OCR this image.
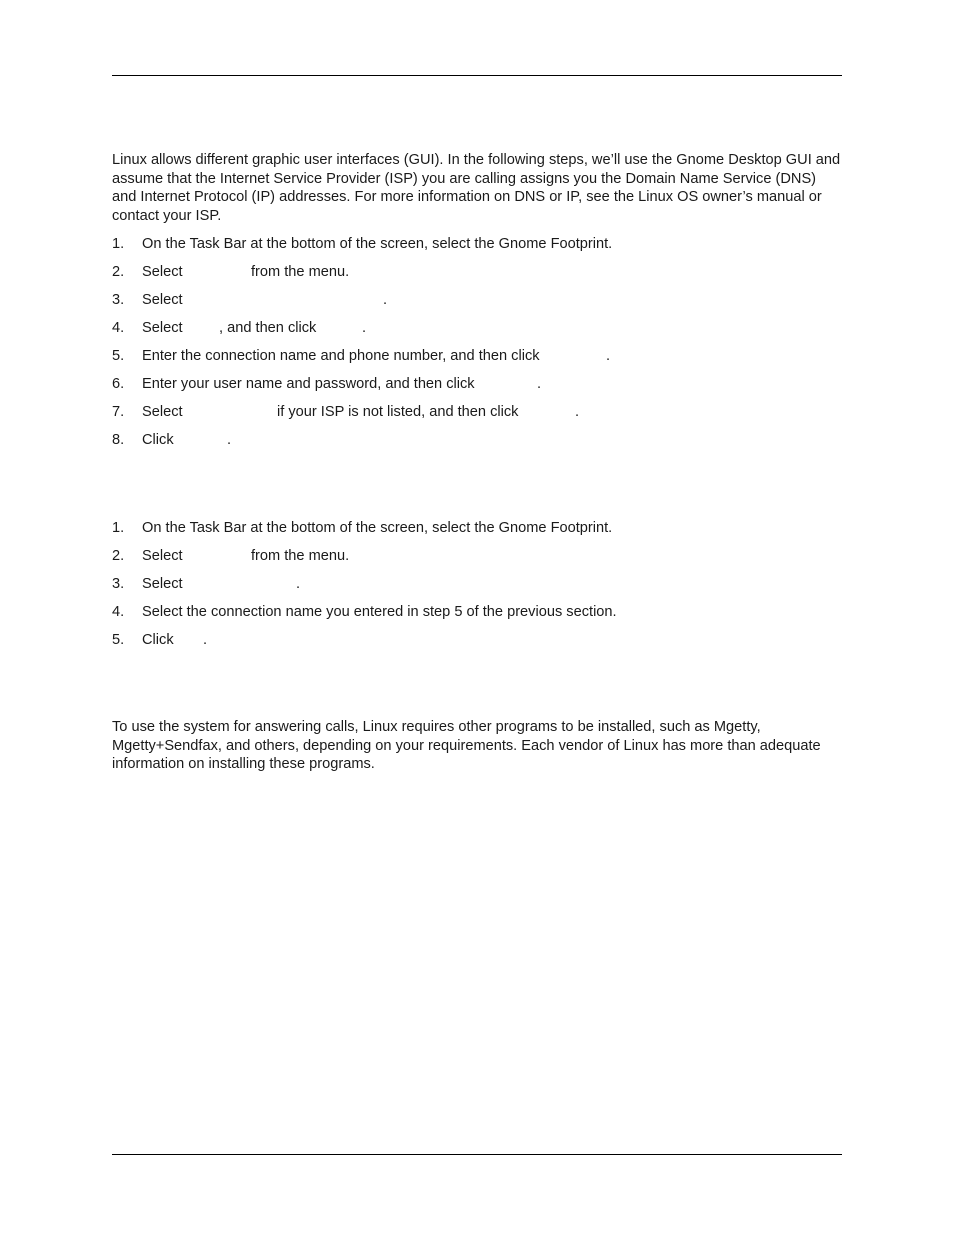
Linux allows different graphic user interfaces (GUI). In the following steps, we’ll use the Gnome Desktop GUI and assume that the Internet Service Provider (ISP) you are calling assigns you the Domain Name Service (DNS) and Internet Protocol (IP) addresses. For more information on DNS or IP, see the Linux OS owner’s manual or contact your ISP.

1. On the Task Bar at the bottom of the screen, select the Gnome Footprint.
2. Select	from the menu.
3. Select	.
4. Select , and then click	.
5. Enter the connection name and phone number, and then click	.
6. Enter your user name and password, and then click	.
7. Select	if your ISP is not listed, and then click	.
8. Click	.
1. On the Task Bar at the bottom of the screen, select the Gnome Footprint.
2. Select	from the menu.
3. Select	.
4. Select the connection name you entered in step 5 of the previous section.
5. Click .

To use the system for answering calls, Linux requires other programs to be installed, such as Mgetty, Mgetty+Sendfax, and others, depending on your requirements. Each vendor of Linux has more than adequate information on installing these programs.
